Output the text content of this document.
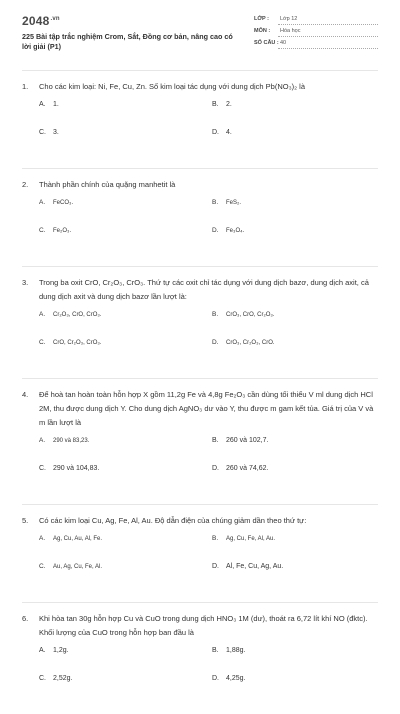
$2048^{.vn}$
225 Bài tập trắc nghiệm Crom, Sắt, Đồng cơ bản, nâng cao có lời giải (P1)
LỚP :	Lớp 12
MÔN :	Hóa học
SỐ CÂU : 40
1. Cho các kim loại: Ni, Fe, Cu, Zn. Số kim loại tác dụng với dung dịch Pb(NO₃)₂ là
A. 1.	B. 2.
C. 3.	D. 4.
2. Thành phần chính của quặng manhetit là
A. FeCO₃.	B. FeS₂.
C. Fe₂O₃.	D. Fe₃O₄.
3. Trong ba oxit CrO, Cr₂O₃, CrO₃. Thứ tự các oxit chỉ tác dụng với dung dịch bazơ, dung dịch axit, cả dung dịch axit và dung dịch bazơ lần lượt là:
A. Cr₂O₃, CrO, CrO₃.	B. CrO₃, CrO, Cr₂O₃.
C. CrO, Cr₂O₃, CrO₃.	D. CrO₃, Cr₂O₃, CrO.
4. Để hoà tan hoàn toàn hỗn hợp X gồm 11,2g Fe và 4,8g Fe₂O₃ cần dùng tối thiểu V ml dung dịch HCl 2M, thu được dung dịch Y. Cho dung dịch AgNO₃ dư vào Y, thu được m gam kết tủa. Giá trị của V và m lần lượt là
A. 290 và 83,23.	B. 260 và 102,7.
C. 290 và 104,83.	D. 260 và 74,62.
5. Có các kim loại Cu, Ag, Fe, Al, Au. Độ dẫn điện của chúng giảm dần theo thứ tự:
A. Ag, Cu, Au, Al, Fe.	B. Ag, Cu, Fe, Al, Au.
C. Au, Ag, Cu, Fe, Al.	D. Al, Fe, Cu, Ag, Au.
6. Khi hòa tan 30g hỗn hợp Cu và CuO trong dung dịch HNO₃ 1M (dư), thoát ra 6,72 lít khí NO (đktc). Khối lượng của CuO trong hỗn hợp ban đầu là
A. 1,2g.	B. 1,88g.
C. 2,52g.	D. 4,25g.
